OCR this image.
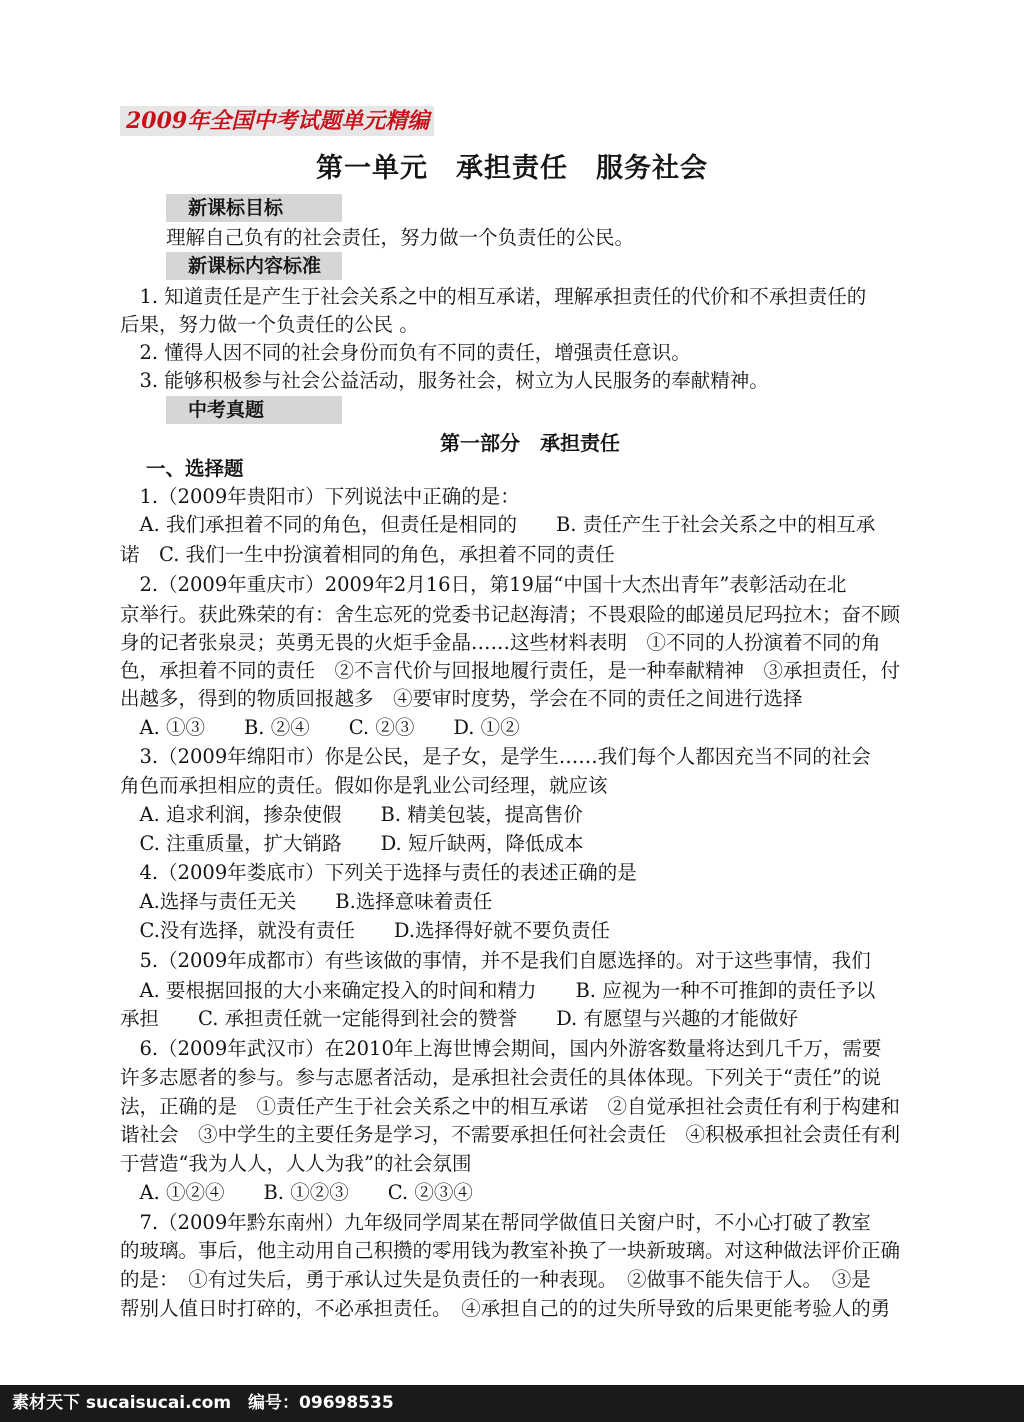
2009年全国中考试题单元精编
第一单元　承担责任　服务社会
新课标目标
理解自己负有的社会责任，努力做一个负责任的公民。
新课标内容标准
　1. 知道责任是产生于社会关系之中的相互承诺，理解承担责任的代价和不承担责任的
后果，努力做一个负责任的公民 。
　2. 懂得人因不同的社会身份而负有不同的责任，增强责任意识。
　3. 能够积极参与社会公益活动，服务社会，树立为人民服务的奉献精神。
中考真题
第一部分　承担责任
一、选择题
　1.（2009年贵阳市）下列说法中正确的是：
　A. 我们承担着不同的角色，但责任是相同的　　B. 责任产生于社会关系之中的相互承
诺　C. 我们一生中扮演着相同的角色，承担着不同的责任
　2.（2009年重庆市）2009年2月16日，第19届“中国十大杰出青年”表彰活动在北
京举行。获此殊荣的有：舍生忘死的党委书记赵海清；不畏艰险的邮递员尼玛拉木；奋不顾
身的记者张泉灵；英勇无畏的火炬手金晶……这些材料表明　①不同的人扮演着不同的角
色，承担着不同的责任　②不言代价与回报地履行责任，是一种奉献精神　③承担责任，付
出越多，得到的物质回报越多　④要审时度势，学会在不同的责任之间进行选择
　A. ①③　　B. ②④　　C. ②③　　D. ①②
　3.（2009年绵阳市）你是公民，是子女，是学生……我们每个人都因充当不同的社会
角色而承担相应的责任。假如你是乳业公司经理，就应该
　A. 追求利润，掺杂使假　　B. 精美包装，提高售价
　C. 注重质量，扩大销路　　D. 短斤缺两，降低成本
　4.（2009年娄底市）下列关于选择与责任的表述正确的是
　A.选择与责任无关　　B.选择意味着责任
　C.没有选择，就没有责任　　D.选择得好就不要负责任
　5.（2009年成都市）有些该做的事情，并不是我们自愿选择的。对于这些事情，我们
　A. 要根据回报的大小来确定投入的时间和精力　　B. 应视为一种不可推卸的责任予以
承担　　C. 承担责任就一定能得到社会的赞誉　　D. 有愿望与兴趣的才能做好
　6.（2009年武汉市）在2010年上海世博会期间，国内外游客数量将达到几千万，需要
许多志愿者的参与。参与志愿者活动，是承担社会责任的具体体现。下列关于“责任”的说
法，正确的是　①责任产生于社会关系之中的相互承诺　②自觉承担社会责任有利于构建和
谐社会　③中学生的主要任务是学习，不需要承担任何社会责任　④积极承担社会责任有利
于营造“我为人人，人人为我”的社会氛围
　A. ①②④　　B. ①②③　　C. ②③④
　7.（2009年黔东南州）九年级同学周某在帮同学做值日关窗户时，不小心打破了教室
的玻璃。事后，他主动用自己积攒的零用钱为教室补换了一块新玻璃。对这种做法评价正确
的是：　①有过失后，勇于承认过失是负责任的一种表现。　②做事不能失信于人。　③是
帮别人值日时打碎的，不必承担责任。　④承担自己的的过失所导致的后果更能考验人的勇
素材天下 sucaisucai.com　编号：09698535
